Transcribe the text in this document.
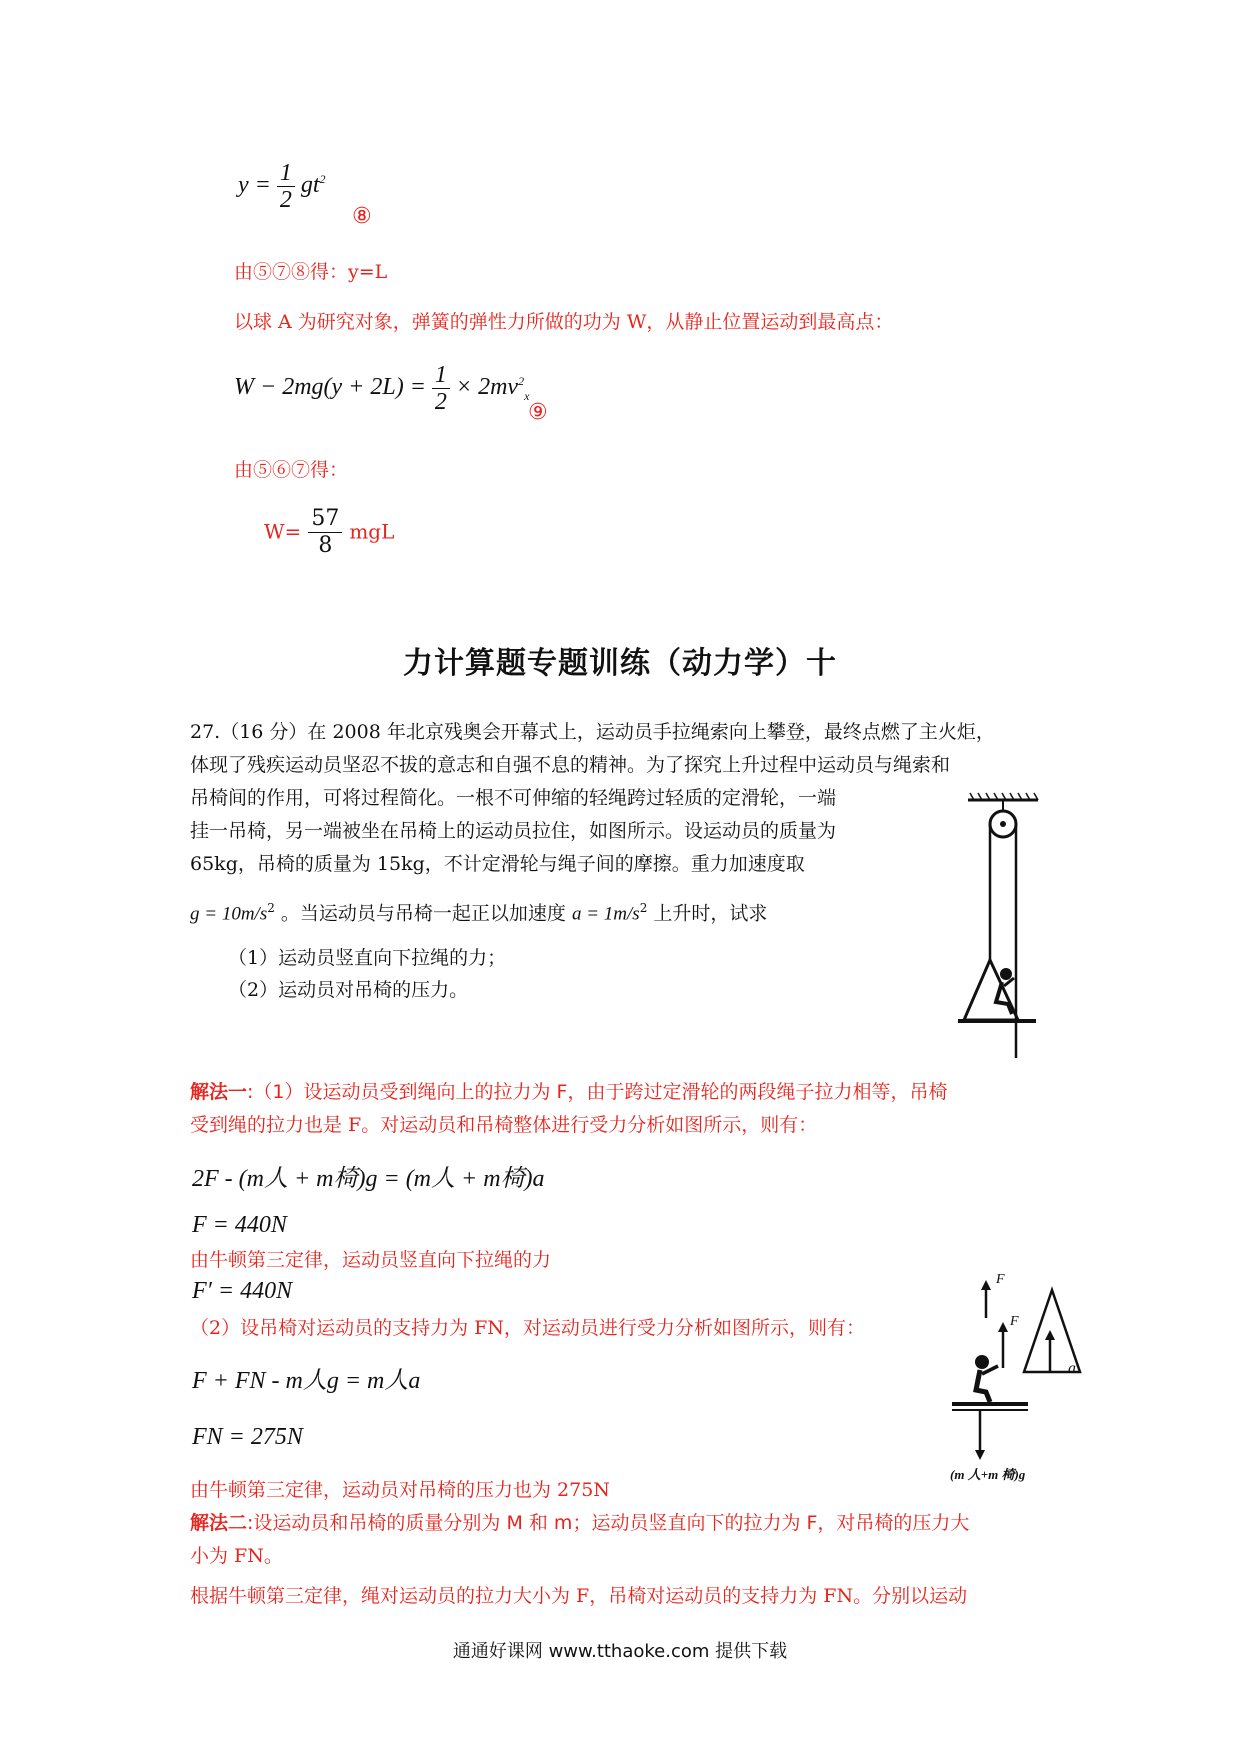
$y = \frac{1}{2} gt^2$
⑧
由⑤⑦⑧得：y=L
以球 A 为研究对象，弹簧的弹性力所做的功为 W，从静止位置运动到最高点：
$W - 2mg(y + 2L) = \frac{1}{2} \times 2mv^2_x$
⑨
由⑤⑥⑦得：
$W= \frac{57}{8}$ mgL
力计算题专题训练（动力学）十
27.（16 分）在 2008 年北京残奥会开幕式上，运动员手拉绳索向上攀登，最终点燃了主火炬，
体现了残疾运动员坚忍不拔的意志和自强不息的精神。为了探究上升过程中运动员与绳索和
吊椅间的作用，可将过程简化。一根不可伸缩的轻绳跨过轻质的定滑轮，一端
挂一吊椅，另一端被坐在吊椅上的运动员拉住，如图所示。设运动员的质量为
65kg，吊椅的质量为 15kg，不计定滑轮与绳子间的摩擦。重力加速度取
$g = 10m/s^2$ 。当运动员与吊椅一起正以加速度 $a = 1m/s^2$ 上升时，试求
（1）运动员竖直向下拉绳的力；
（2）运动员对吊椅的压力。
解法一:（1）设运动员受到绳向上的拉力为 F，由于跨过定滑轮的两段绳子拉力相等，吊椅
受到绳的拉力也是 F。对运动员和吊椅整体进行受力分析如图所示，则有：
2F - (m人 + m椅)g = (m人 + m椅)a
F = 440N
由牛顿第三定律，运动员竖直向下拉绳的力
F′ = 440N
（2）设吊椅对运动员的支持力为 FN，对运动员进行受力分析如图所示，则有：
F + FN - m人g = m人a
FN = 275N
由牛顿第三定律，运动员对吊椅的压力也为 275N
解法二:设运动员和吊椅的质量分别为 M 和 m；运动员竖直向下的拉力为 F，对吊椅的压力大
小为 FN。
根据牛顿第三定律，绳对运动员的拉力大小为 F，吊椅对运动员的支持力为 FN。分别以运动
F
F
a
(m 人+m 椅)g
通通好课网 www.tthaoke.com 提供下载
